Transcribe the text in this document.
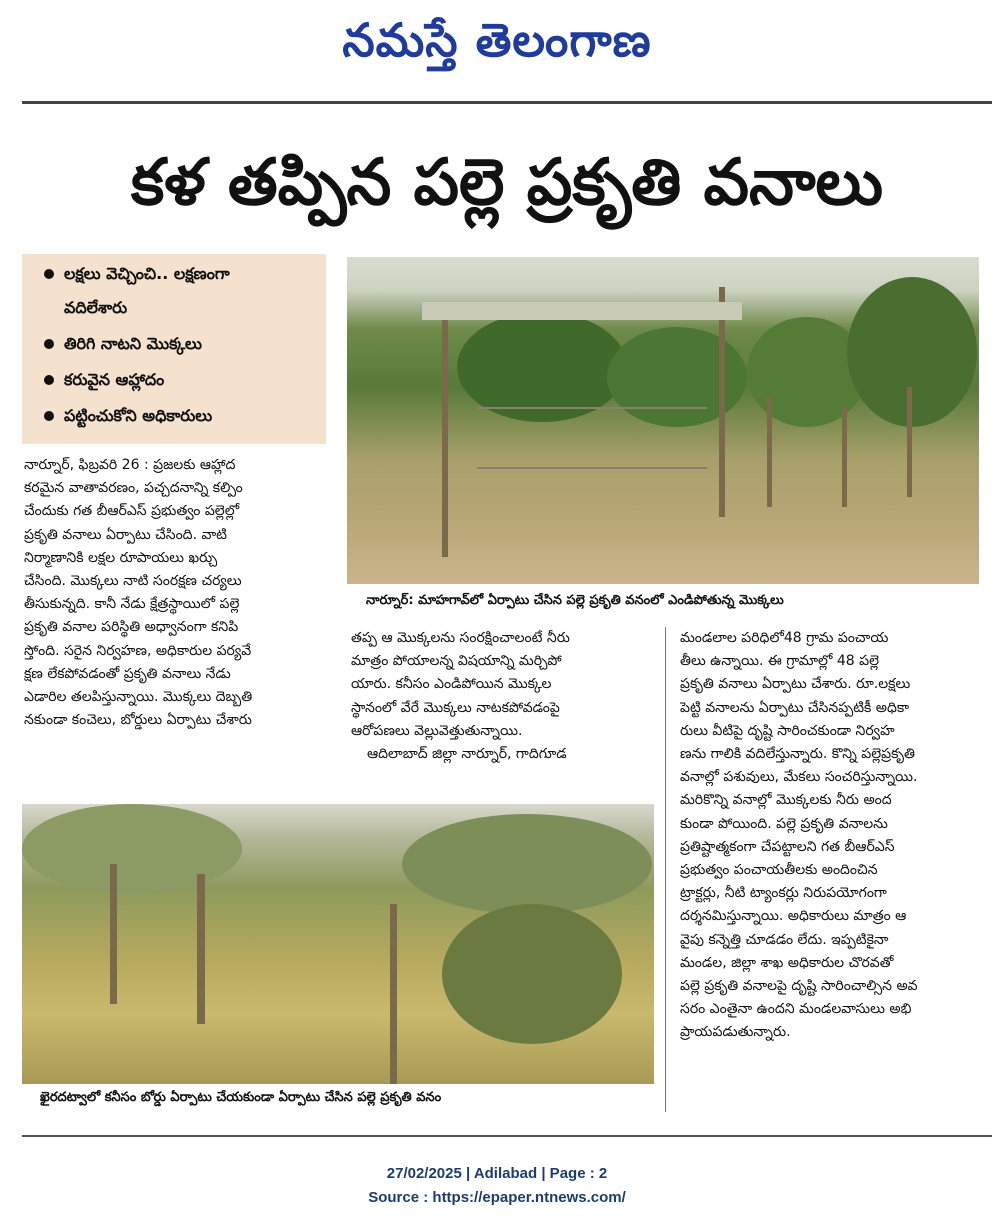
నమస్తే తెలంగాణ
కళ తప్పిన పల్లె ప్రకృతి వనాలు
లక్షలు వెచ్చించి.. లక్షణంగా
వదిలేశారు
తిరిగి నాటని మొక్కలు
కరువైన ఆహ్లాదం
పట్టించుకోని అధికారులు
నార్నూర్: మాహగావ్‌లో ఏర్పాటు చేసిన పల్లె ప్రకృతి వనంలో ఎండిపోతున్న మొక్కలు

నార్నూర్, ఫిబ్రవరి 26 : ప్రజలకు ఆహ్లాద

కరమైన వాతావరణం, పచ్చదనాన్ని కల్పిం

చేందుకు గత బీఆర్‌ఎస్ ప్రభుత్వం పల్లెల్లో

ప్రకృతి వనాలు ఏర్పాటు చేసింది. వాటి

నిర్మాణానికి లక్షల రూపాయలు ఖర్చు

చేసింది. మొక్కలు నాటి సంరక్షణ చర్యలు

తీసుకున్నది. కానీ నేడు క్షేత్రస్థాయిలో పల్లె

ప్రకృతి వనాల పరిస్థితి అధ్వానంగా కనిపి

స్తోంది. సరైన నిర్వహణ, అధికారుల పర్యవే

క్షణ లేకపోవడంతో ప్రకృతి వనాలు నేడు

ఎడారిల తలపిస్తున్నాయి. మొక్కలు దెబ్బతి

నకుండా కంచెలు, బోర్డులు ఏర్పాటు చేశారు

తప్ప ఆ మొక్కలను సంరక్షించాలంటే నీరు

మాత్రం పోయాలన్న విషయాన్ని మర్చిపో

యారు. కనీసం ఎండిపోయిన మొక్కల

స్థానంలో వేరే మొక్కలు నాటకపోవడంపై

ఆరోపణలు వెల్లువెత్తుతున్నాయి.

ఆదిలాబాద్ జిల్లా నార్నూర్, గాదిగూడ

మండలాల పరిధిలో48 గ్రామ పంచాయ

తీలు ఉన్నాయి. ఈ గ్రామాల్లో 48 పల్లె

ప్రకృతి వనాలు ఏర్పాటు చేశారు. రూ.లక్షలు

పెట్టి వనాలను ఏర్పాటు చేసినప్పటికీ అధికా

రులు వీటిపై దృష్టి సారించకుండా నిర్వహ

ణను గాలికి వదిలేస్తున్నారు. కొన్ని పల్లెప్రకృతి

వనాల్లో పశువులు, మేకలు సంచరిస్తున్నాయి.

మరికొన్ని వనాల్లో మొక్కలకు నీరు అంద

కుండా పోయింది. పల్లె ప్రకృతి వనాలను

ప్రతిష్టాత్మకంగా చేపట్టాలని గత బీఆర్‌ఎస్

ప్రభుత్వం పంచాయతీలకు అందించిన

ట్రాక్టర్లు, నీటి ట్యాంకర్లు నిరుపయోగంగా

దర్శనమిస్తున్నాయి. అధికారులు మాత్రం ఆ

వైపు కన్నెత్తి చూడడం లేదు. ఇప్పటికైనా

మండల, జిల్లా శాఖ అధికారుల చొరవతో

పల్లె ప్రకృతి వనాలపై దృష్టి సారించాల్సిన అవ

సరం ఎంతైనా ఉందని మండలవాసులు అభి

ప్రాయపడుతున్నారు.

ఖైరదట్వాలో కనీసం బోర్డు ఏర్పాటు చేయకుండా ఏర్పాటు చేసిన పల్లె ప్రకృతి వనం
27/02/2025 | Adilabad | Page : 2
Source : https://epaper.ntnews.com/
